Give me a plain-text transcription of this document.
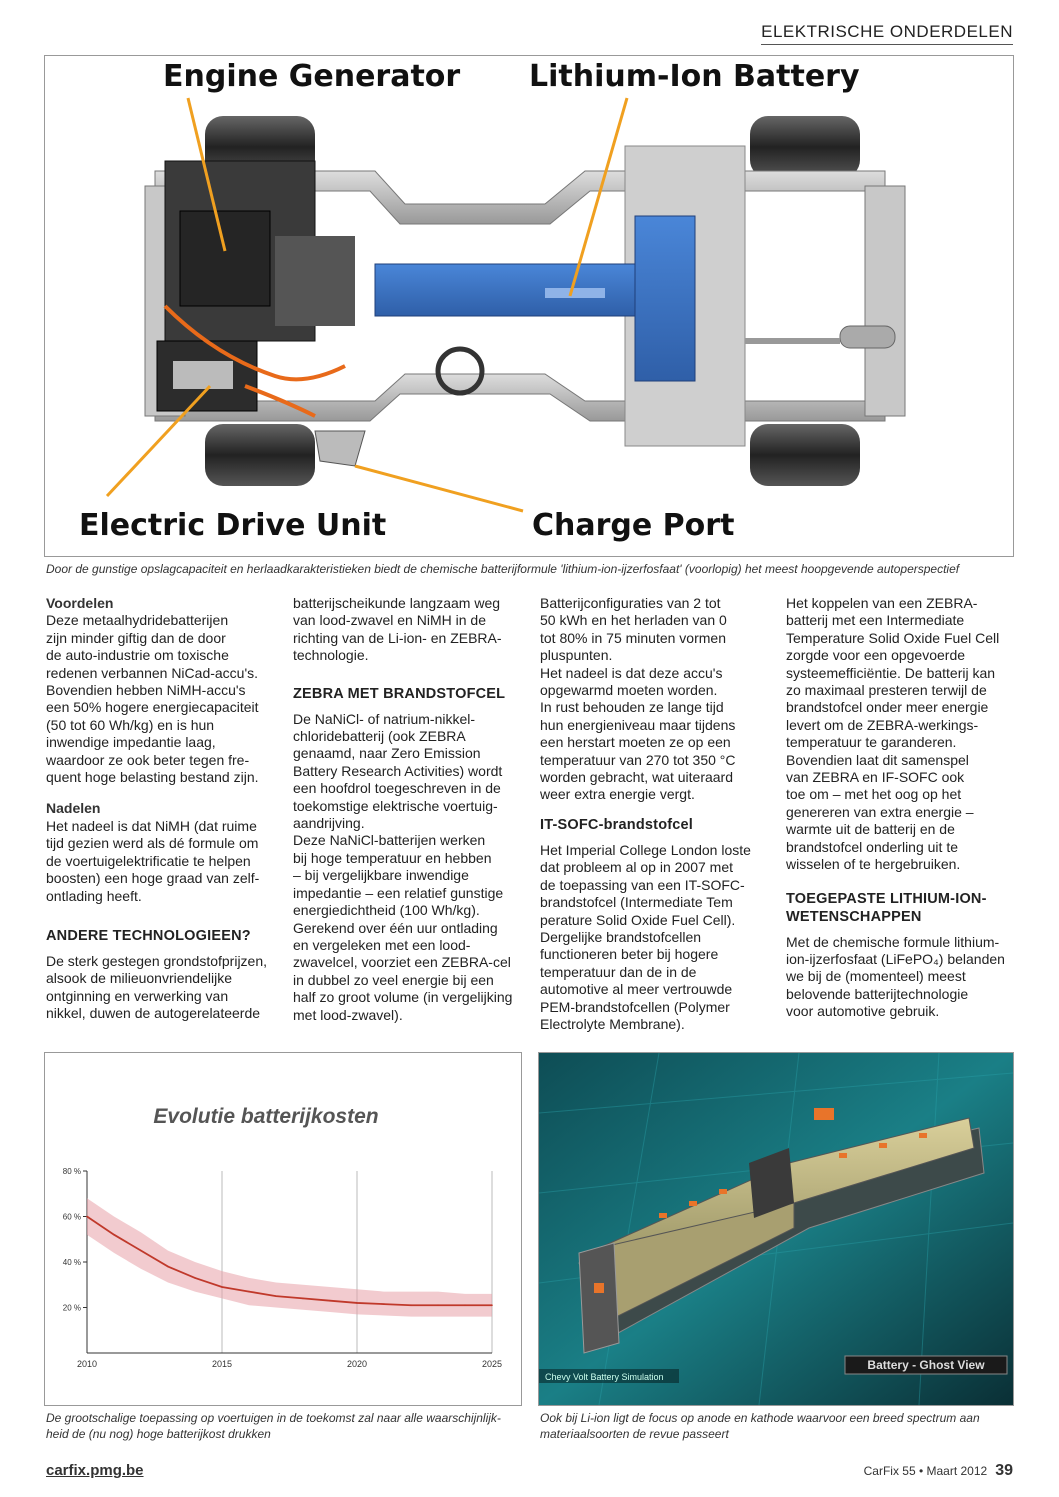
ELEKTRISCHE ONDERDELEN
Engine Generator Lithium-Ion Battery
Electric Drive Unit	Charge Port
Door de gunstige opslagcapaciteit en herlaadkarakteristieken biedt de chemische batterijformule 'lithium-ion-ijzerfosfaat' (voorlopig) het meest hoopgevende autoperspectief

Voordelen

Deze metaalhydridebatterijen
zijn minder giftig dan de door
de auto-industrie om toxische
redenen verbannen NiCad-accu's.
Bovendien hebben NiMH-accu's
een 50% hogere energiecapaciteit
(50 tot 60 Wh/kg) en is hun
inwendige impedantie laag,
waardoor ze ook beter tegen fre-
quent hoge belasting bestand zijn.

Nadelen

Het nadeel is dat NiMH (dat ruime
tijd gezien werd als dé formule om
de voertuigelektrificatie te helpen
boosten) een hoge graad van zelf-
ontlading heeft.
ANDERE TECHNOLOGIEEN?
De sterk gestegen grondstofprijzen,
alsook de milieuonvriendelijke
ontginning en verwerking van
nikkel, duwen de autogerelateerde
batterijscheikunde langzaam weg
van lood-zwavel en NiMH in de
richting van de Li-ion- en ZEBRA-
technologie.
ZEBRA MET BRANDSTOFCEL
De NaNiCl- of natrium-nikkel-
chloridebatterij (ook ZEBRA
genaamd, naar Zero Emission
Battery Research Activities) wordt
een hoofdrol toegeschreven in de
toekomstige elektrische voertuig-
aandrijving.
Deze NaNiCl-batterijen werken
bij hoge temperatuur en hebben
– bij vergelijkbare inwendige
impedantie – een relatief gunstige
energiedichtheid (100 Wh/kg).
Gerekend over één uur ontlading
en vergeleken met een lood-
zwavelcel, voorziet een ZEBRA-cel
in dubbel zo veel energie bij een
half zo groot volume (in vergelijking
met lood-zwavel).
Batterijconfiguraties van 2 tot
50 kWh en het herladen van 0
tot 80% in 75 minuten vormen
pluspunten.
Het nadeel is dat deze accu's
opgewarmd moeten worden.
In rust behouden ze lange tijd
hun energieniveau maar tijdens
een herstart moeten ze op een
temperatuur van 270 tot 350 °C
worden gebracht, wat uiteraard
weer extra energie vergt.
IT-SOFC-brandstofcel
Het Imperial College London loste
dat probleem al op in 2007 met
de toepassing van een IT-SOFC-
brandstofcel (Intermediate Tem
perature Solid Oxide Fuel Cell).
Dergelijke brandstofcellen
functioneren beter bij hogere
temperatuur dan de in de
automotive al meer vertrouwde
PEM-brandstofcellen (Polymer
Electrolyte Membrane).
Het koppelen van een ZEBRA-
batterij met een Intermediate
Temperature Solid Oxide Fuel Cell
zorgde voor een opgevoerde
systeemefficiëntie. De batterij kan
zo maximaal presteren terwijl de
brandstofcel onder meer energie
levert om de ZEBRA-werkings-
temperatuur te garanderen.
Bovendien laat dit samenspel
van ZEBRA en IF-SOFC ook
toe om – met het oog op het
genereren van extra energie –
warmte uit de batterij en de
brandstofcel onderling uit te
wisselen of te hergebruiken.
TOEGEPASTE LITHIUM-ION-
WETENSCHAPPEN
Met de chemische formule lithium-
ion-ijzerfosfaat (LiFePO₄) belanden
we bij de (momenteel) meest
belovende batterijtechnologie
voor automotive gebruik.
Evolutie batterijkosten
20 %
40 %
60 %
80 %
2010	2015	2020	2025
De grootschalige toepassing op voertuigen in de toekomst zal naar alle waarschijnlijk-heid de (nu nog) hoge batterijkost drukken
Chevy Volt Battery Simulation
Battery - Ghost View
Ook bij Li-ion ligt de focus op anode en kathode waarvoor een breed spectrum aan materiaalsoorten de revue passeert
carfix.pmg.be	CarFix 55 • Maart 2012 39
